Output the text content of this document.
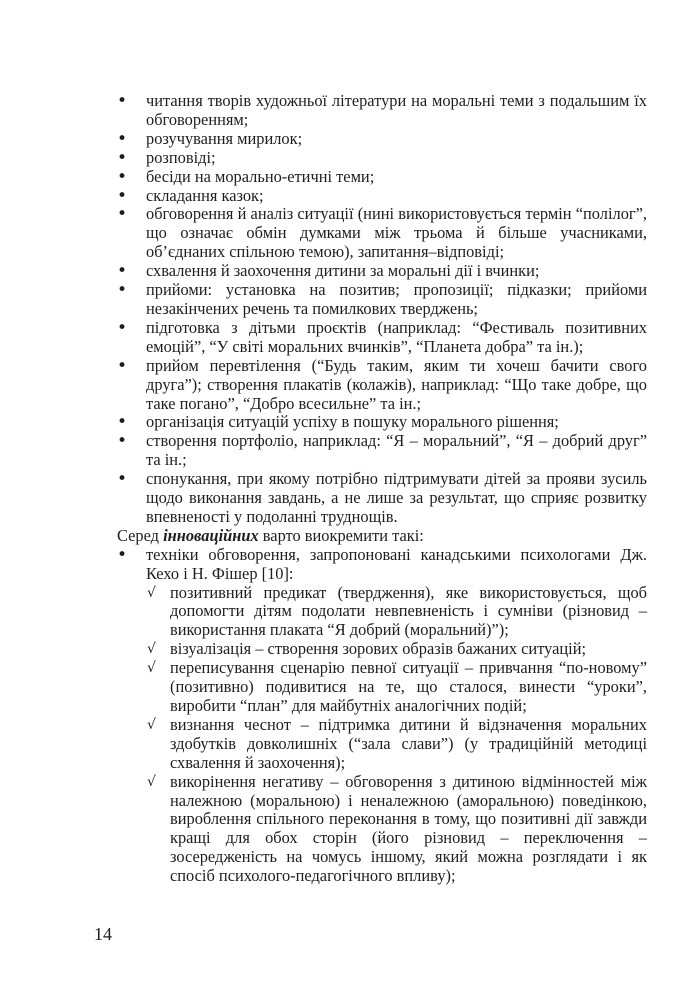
• читання творів художньої літератури на моральні теми з подальшим їх обговоренням;
• розучування мирилок;
• розповіді;
• бесіди на морально-етичні теми;
• складання казок;
• обговорення й аналіз ситуації (нині використовується термін “полілог”, що означає обмін думками між трьома й більше учасниками, об’єднаних спільною темою), запитання–відповіді;
• схвалення й заохочення дитини за моральні дії і вчинки;
• прийоми: установка на позитив; пропозиції; підказки; прийоми незакінчених речень та помилкових тверджень;
• підготовка з дітьми проєктів (наприклад: “Фестиваль позитивних емоцій”, “У світі моральних вчинків”, “Планета добра” та ін.);
• прийом перевтілення (“Будь таким, яким ти хочеш бачити свого друга”); створення плакатів (колажів), наприклад: “Що таке добре, що таке погано”, “Добро всесильне” та ін.;
• організація ситуацій успіху в пошуку морального рішення;
• створення портфоліо, наприклад: “Я – моральний”, “Я – добрий друг” та ін.;
• спонукання, при якому потрібно підтримувати дітей за прояви зусиль щодо виконання завдань, а не лише за результат, що сприяє розвитку впевненості у подоланні труднощів.
Серед інноваційних варто виокремити такі:
• техніки обговорення, запропоновані канадськими психологами Дж. Кехо і Н. Фішер [10]:
√ позитивний предикат (твердження), яке використовується, щоб допомогти дітям подолати невпевненість і сумніви (різновид – використання плаката “Я добрий (моральний)”);
√ візуалізація – створення зорових образів бажаних ситуацій;
√ переписування сценарію певної ситуації – привчання “по-новому” (позитивно) подивитися на те, що сталося, винести “уроки”, виробити “план” для майбутніх аналогічних подій;
√ визнання чеснот – підтримка дитини й відзначення моральних здобутків довколишніх (“зала слави”) (у традиційній методиці схвалення й заохочення);
√ викорінення негативу – обговорення з дитиною відмінностей між належною (моральною) і неналежною (аморальною) поведінкою, вироблення спільного переконання в тому, що позитивні дії завжди кращі для обох сторін (його різновид – переключення – зосередженість на чомусь іншому, який можна розглядати і як спосіб психолого-педагогічного впливу);
14
